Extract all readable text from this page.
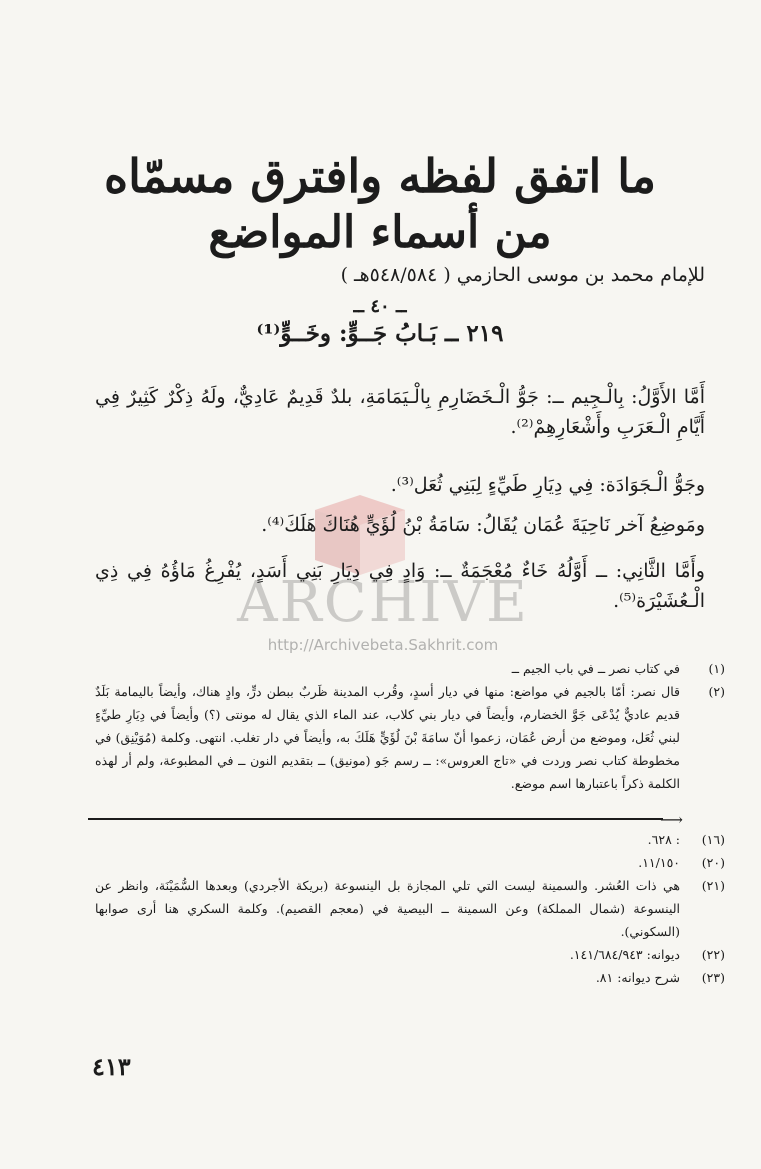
ما اتفق لفظه وافترق مسمّاه
من أسماء المواضع
للإمام محمد بن موسى الحازمي ( ٥٤٨/٥٨٤هـ )
ــ ٤٠ ــ
٢١٩ ــ بَـابُ جَــوٍّ: وخَــوٍّ⁽¹⁾
ARCHIVE
http://Archivebeta.Sakhrit.com
أَمَّا الأَوَّلُ: بِالْـجِيم ــ: جَوُّ الْـخَضَارِمِ بِالْـيَمَامَةِ، بلدٌ قَدِيمٌ عَادِيٌّ، ولَهُ ذِكْرٌ كَثِيرٌ فِي أَيَّامِ الْـعَرَبِ وأَشْعَارِهِمْ⁽²⁾.
وجَوُّ الْـجَوَادَة: فِي دِيَارِ طَيِّءٍ لِبَنِي ثُعَل⁽³⁾.
ومَوضِعُ آخر نَاحِيَةَ عُمَان يُقَالُ: سَامَةُ بْنُ لُؤَيٍّ هُنَاكَ هَلَكَ⁽⁴⁾.
وأَمَّا الثَّانِي: ــ أَوَّلُهُ خَاءٌ مُعْجَمَةٌ ــ: وَادٍ فِي دِيَارِ بَنِي أَسَدٍ، يُفْرِغُ مَاؤُهُ فِي ذِي الْـعُشَيْرَة⁽⁵⁾.
(١)
في كتاب نصر ــ في باب الجيم ــ
(٢)
قال نصر: أمّا بالجيم في مواضع: منها في ديار أسدٍ، وقُرب المدينة ظَربٌ ببطن درٍّ، وادٍ هناك، وأيضاً باليمامة بَلَدٌ قديم عاديٌّ يُدْعَى جَوَّ الخضارم، وأيضاً في ديار بني كلاب، عند الماء الذي يقال له مونتى (؟) وأيضاً في دِيَارِ طيِّءٍ لبني ثُعَل، وموضع من أرض عُمَان، زعموا أنّ سامَةَ بْنَ لُؤَيٍّ هَلَكَ به، وأيضاً في دار تغلب. انتهى. وكلمة (مُوَيْنِق) في مخطوطة كتاب نصر وردت في «تاج العروس»: ــ رسم جَو (مونيق) ــ بتقديم النون ــ في المطبوعة، ولم أر لهذه الكلمة ذكراً باعتبارها اسم موضع.
⟶
(١٦)
: ٦٢٨.
(٢٠)
١١/١٥٠.
(٢١)
هي ذات العُشر. والسمينة ليست التي تلي المجازة بل الينسوعة (بريكة الأجردي) وبعدها السُّمَيْنَة، وانظر عن الينسوعة (شمال المملكة) وعن السمينة ــ البيصية في (معجم القصيم). وكلمة السكري هنا أرى صوابها (السكوني).
(٢٢)
ديوانه: ١٤١/٦٨٤/٩٤٣.
(٢٣)
شرح ديوانه: ٨١.
٤١٣
